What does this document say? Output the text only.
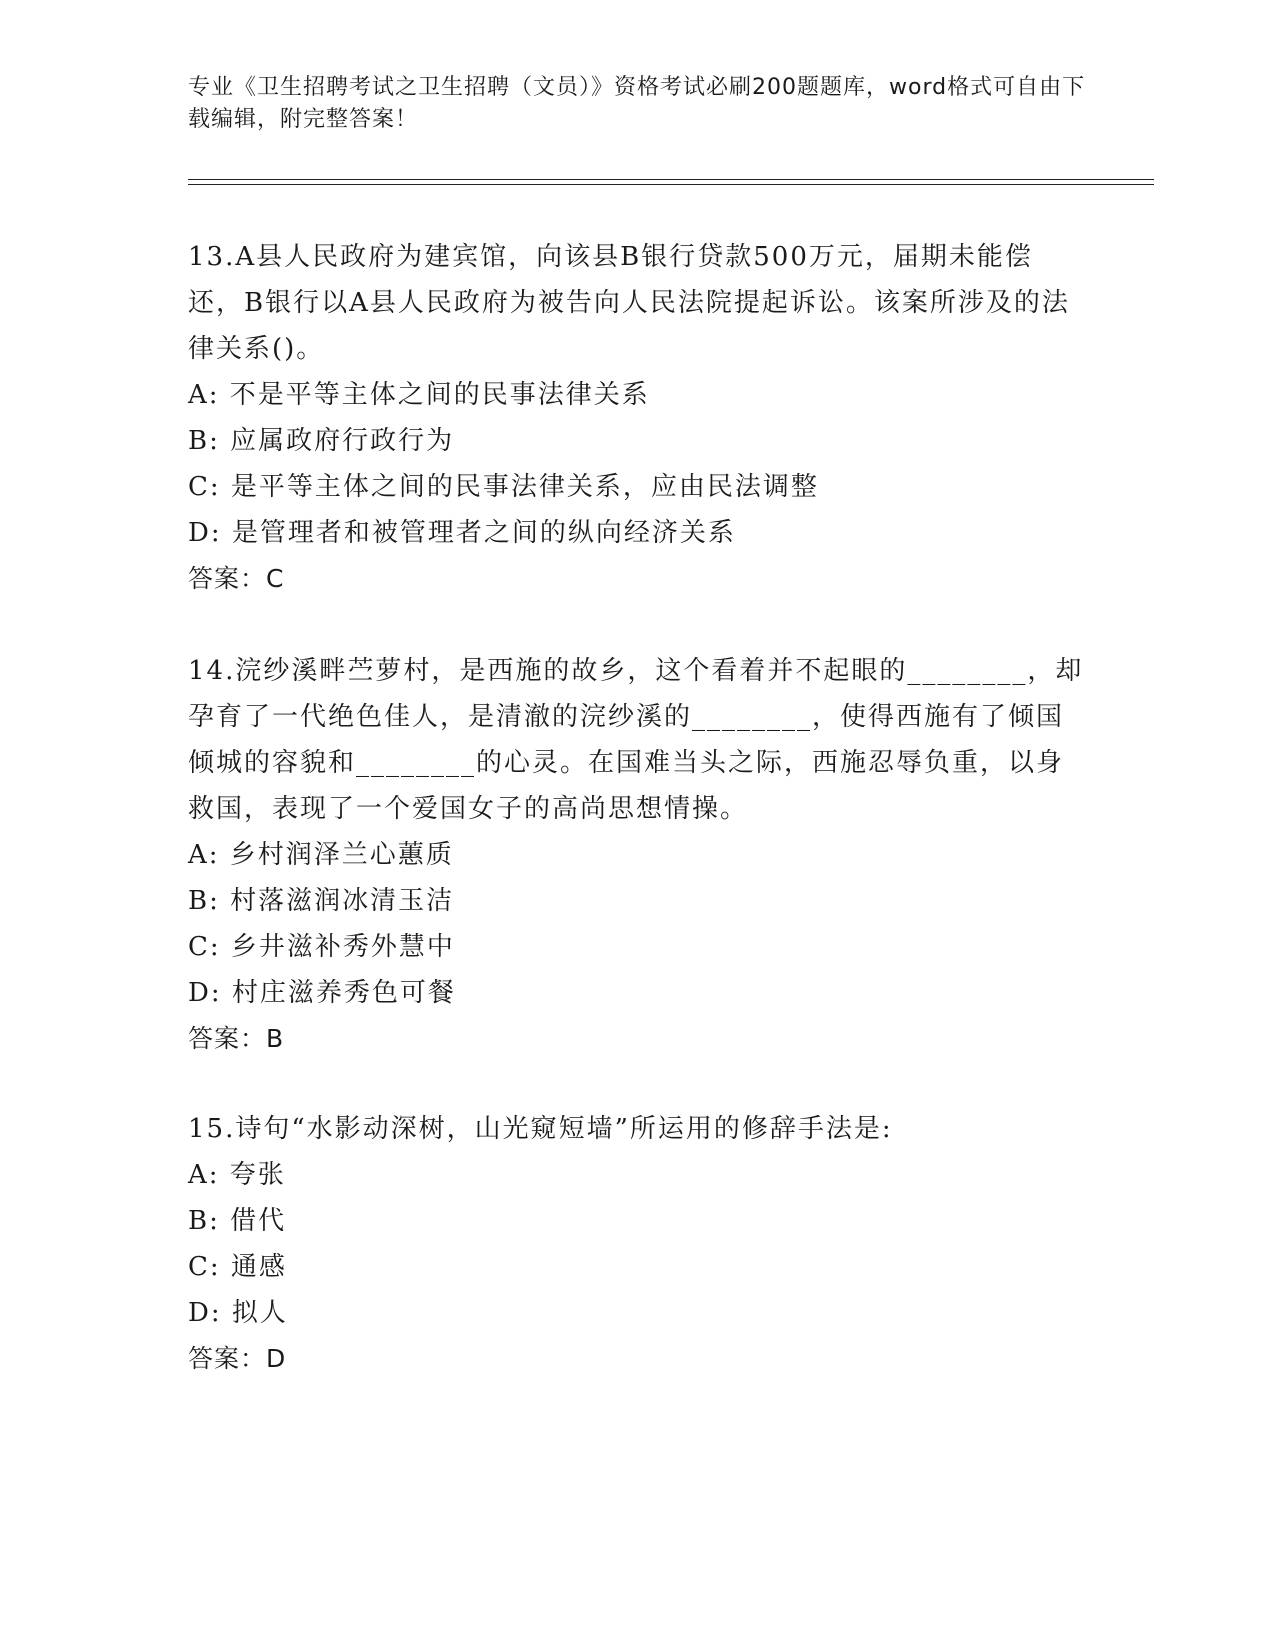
专业《卫生招聘考试之卫生招聘（文员）》资格考试必刷200题题库，word格式可自由下载编辑，附完整答案！

13.A县人民政府为建宾馆，向该县B银行贷款500万元，届期未能偿还，B银行以A县人民政府为被告向人民法院提起诉讼。该案所涉及的法律关系()。

A: 不是平等主体之间的民事法律关系

B: 应属政府行政行为

C: 是平等主体之间的民事法律关系，应由民法调整

D: 是管理者和被管理者之间的纵向经济关系

答案：C

14.浣纱溪畔苎萝村，是西施的故乡，这个看着并不起眼的________，却孕育了一代绝色佳人，是清澈的浣纱溪的________，使得西施有了倾国倾城的容貌和________的心灵。在国难当头之际，西施忍辱负重，以身救国，表现了一个爱国女子的高尚思想情操。

A: 乡村润泽兰心蕙质

B: 村落滋润冰清玉洁

C: 乡井滋补秀外慧中

D: 村庄滋养秀色可餐

答案：B

15.诗句“水影动深树，山光窥短墙”所运用的修辞手法是:

A: 夸张

B: 借代

C: 通感

D: 拟人

答案：D
